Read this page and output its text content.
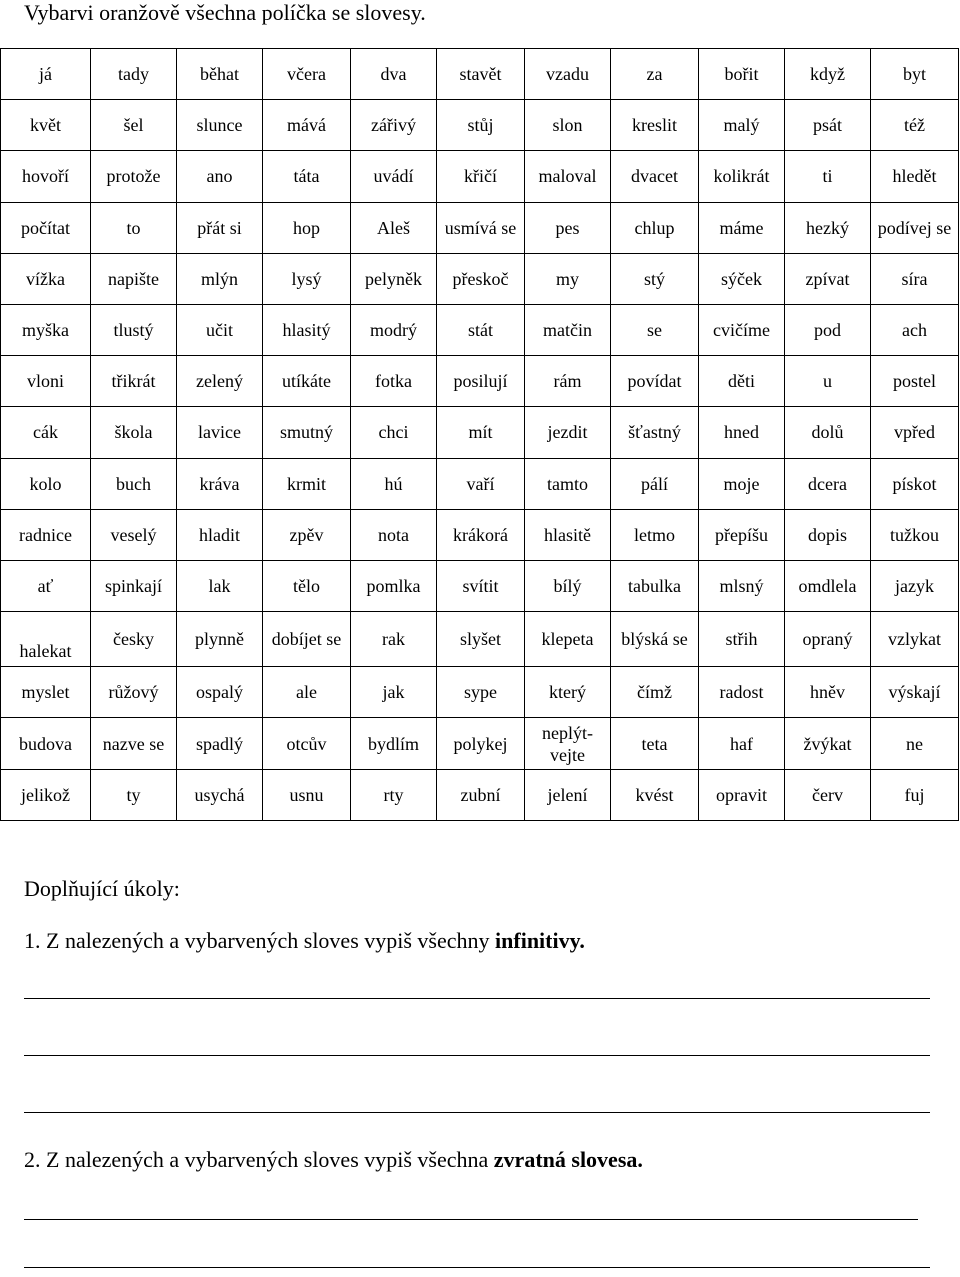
Vybarvi oranžově všechna políčka se slovesy.
já	tady	běhat	včera	dva	stavět	vzadu	za	bořit	když	byt
květ	šel	slunce	mává	zářivý	stůj	slon	kreslit	malý	psát	též
hovoří	protože	ano	táta	uvádí	křičí	maloval	dvacet	kolikrát	ti	hledět
počítat	to	přát si	hop	Aleš	usmívá se	pes	chlup	máme	hezký	podívej se
vížka	napište	mlýn	lysý	pelyněk	přeskoč	my	stý	sýček	zpívat	síra
myška	tlustý	učit	hlasitý	modrý	stát	matčin	se	cvičíme	pod	ach
vloni	třikrát	zelený	utíkáte	fotka	posilují	rám	povídat	děti	u	postel
cák	škola	lavice	smutný	chci	mít	jezdit	šťastný	hned	dolů	vpřed
kolo	buch	kráva	krmit	hú	vaří	tamto	pálí	moje	dcera	pískot
radnice	veselý	hladit	zpěv	nota	krákorá	hlasitě	letmo	přepíšu	dopis	tužkou
ať	spinkají	lak	tělo	pomlka	svítit	bílý	tabulka	mlsný	omdlela	jazyk
halekat	česky	plynně	dobíjet se	rak	slyšet	klepeta	blýská se	střih	opraný	vzlykat
myslet	růžový	ospalý	ale	jak	sype	který	čímž	radost	hněv	výskají
budova	nazve se	spadlý	otcův	bydlím	polykej	neplýt-vejte	teta	haf	žvýkat	ne
jelikož	ty	usychá	usnu	rty	zubní	jelení	kvést	opravit	červ	fuj
Doplňující úkoly:
1. Z nalezených a vybarvených sloves vypiš všechny infinitivy.
2. Z nalezených a vybarvených sloves vypiš všechna zvratná slovesa.
